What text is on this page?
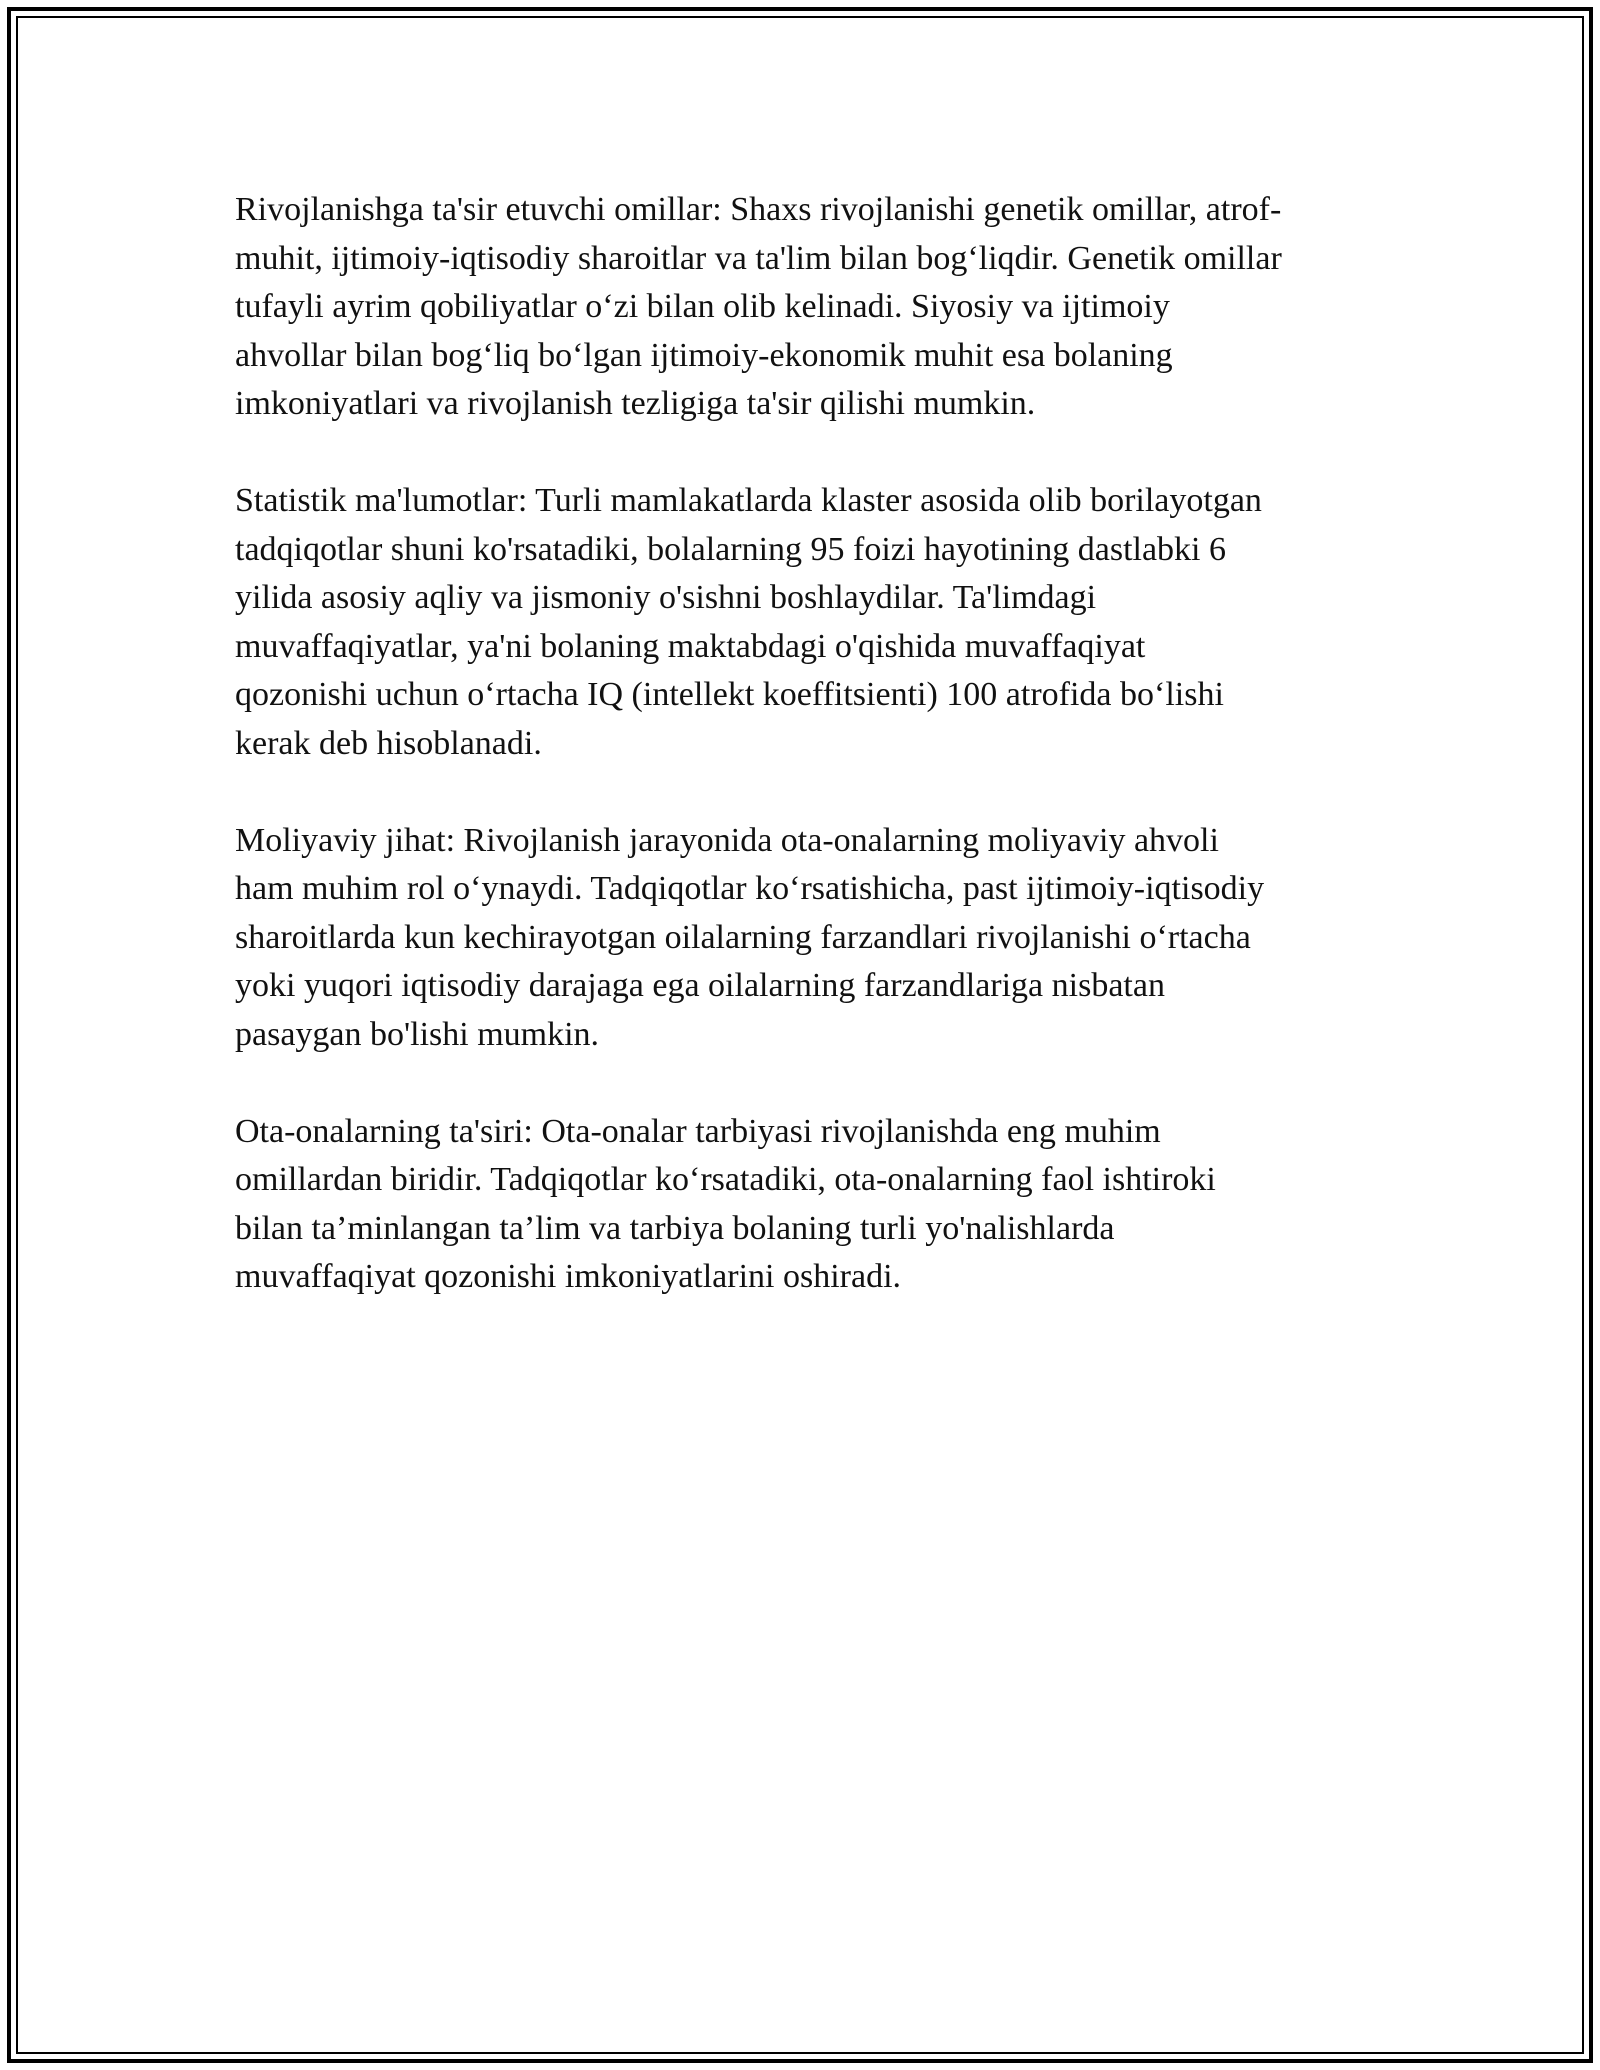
Rivojlanishga ta'sir etuvchi omillar: Shaxs rivojlanishi genetik omillar, atrof-
muhit, ijtimoiy-iqtisodiy sharoitlar va ta'lim bilan bog‘liqdir. Genetik omillar
tufayli ayrim qobiliyatlar o‘zi bilan olib kelinadi. Siyosiy va ijtimoiy
ahvollar bilan bog‘liq bo‘lgan ijtimoiy-ekonomik muhit esa bolaning
imkoniyatlari va rivojlanish tezligiga ta'sir qilishi mumkin.

Statistik ma'lumotlar: Turli mamlakatlarda klaster asosida olib borilayotgan
tadqiqotlar shuni ko'rsatadiki, bolalarning 95 foizi hayotining dastlabki 6
yilida asosiy aqliy va jismoniy o'sishni boshlaydilar. Ta'limdagi
muvaffaqiyatlar, ya'ni bolaning maktabdagi o'qishida muvaffaqiyat
qozonishi uchun o‘rtacha IQ (intellekt koeffitsienti) 100 atrofida bo‘lishi
kerak deb hisoblanadi.

Moliyaviy jihat: Rivojlanish jarayonida ota-onalarning moliyaviy ahvoli
ham muhim rol o‘ynaydi. Tadqiqotlar ko‘rsatishicha, past ijtimoiy-iqtisodiy
sharoitlarda kun kechirayotgan oilalarning farzandlari rivojlanishi o‘rtacha
yoki yuqori iqtisodiy darajaga ega oilalarning farzandlariga nisbatan
pasaygan bo'lishi mumkin.

Ota-onalarning ta'siri: Ota-onalar tarbiyasi rivojlanishda eng muhim
omillardan biridir. Tadqiqotlar ko‘rsatadiki, ota-onalarning faol ishtiroki
bilan ta’minlangan ta’lim va tarbiya bolaning turli yo'nalishlarda
muvaffaqiyat qozonishi imkoniyatlarini oshiradi.
